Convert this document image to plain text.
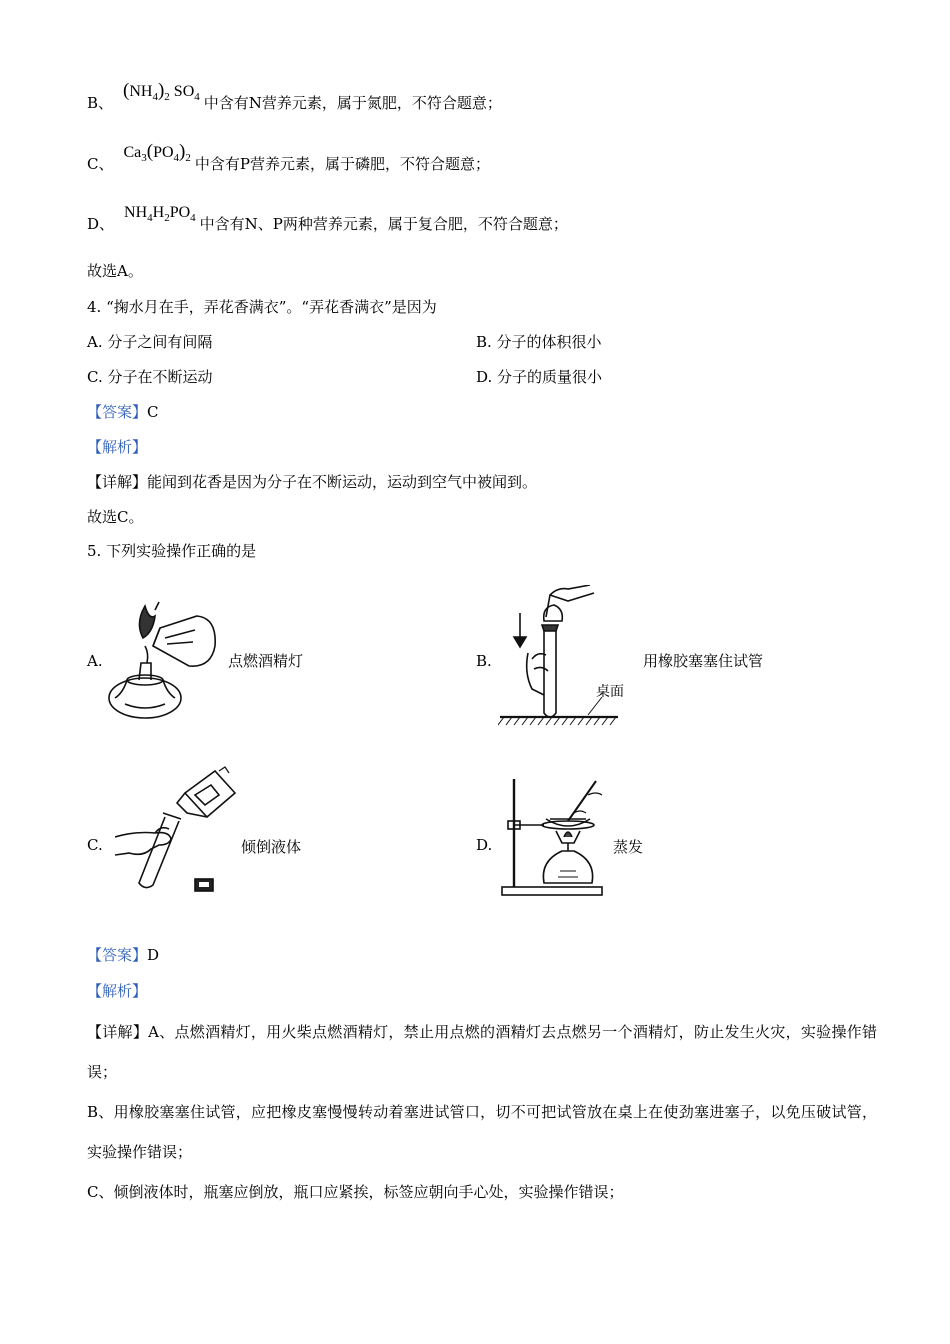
B、$(NH_4)_2$ $SO_4$ 中含有N营养元素，属于氮肥，不符合题意；
C、$Ca_3(PO_4)_2$ 中含有P营养元素，属于磷肥，不符合题意；
D、$NH_4H_2PO_4$ 中含有N、P两种营养元素，属于复合肥，不符合题意；
故选A。
4. “掬水月在手，弄花香满衣”。“弄花香满衣”是因为
A. 分子之间有间隔	B. 分子的体积很小
C. 分子在不断运动	D. 分子的质量很小
【答案】C
【解析】
【详解】能闻到花香是因为分子在不断运动，运动到空气中被闻到。
故选C。
5. 下列实验操作正确的是
A.	点燃酒精灯	B.
桌面
用橡胶塞塞住试管
C.	倾倒液体	D.	蒸发
【答案】D
【解析】
【详解】A、点燃酒精灯，用火柴点燃酒精灯，禁止用点燃的酒精灯去点燃另一个酒精灯，防止发生火灾，实验操作错误；
B、用橡胶塞塞住试管，应把橡皮塞慢慢转动着塞进试管口，切不可把试管放在桌上在使劲塞进塞子，以免压破试管，实验操作错误；
C、倾倒液体时，瓶塞应倒放，瓶口应紧挨，标签应朝向手心处，实验操作错误；
